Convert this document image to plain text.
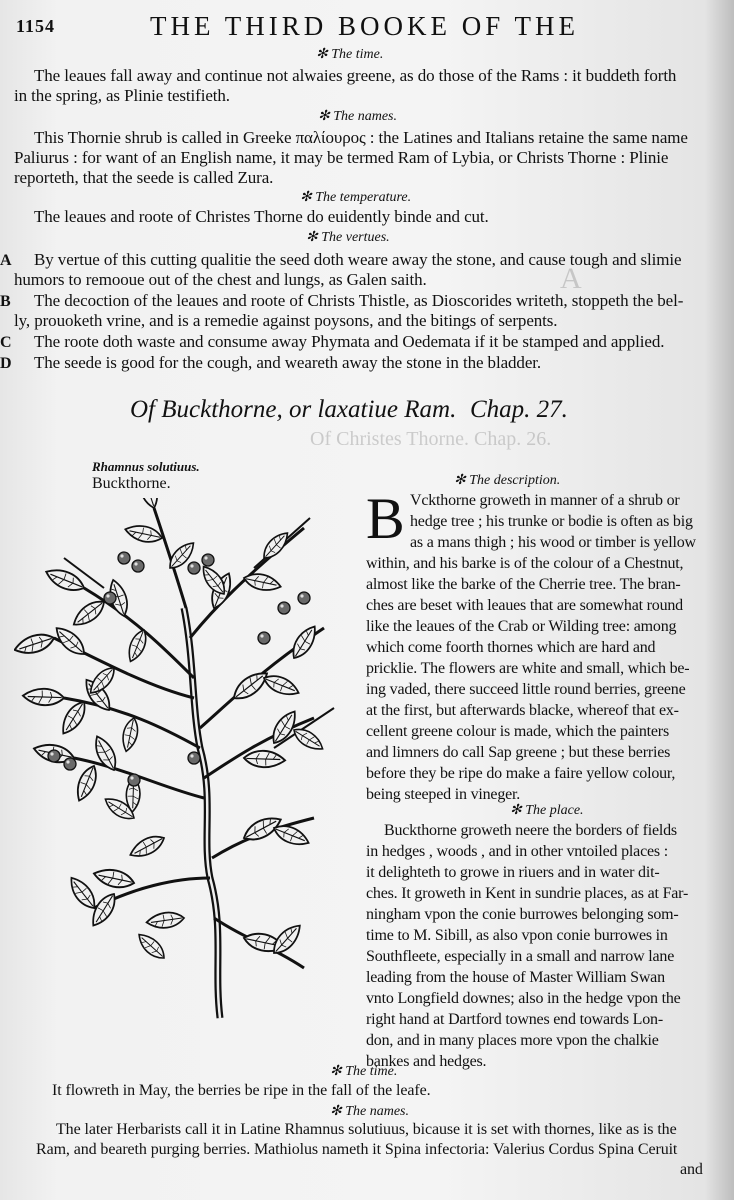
Of Christes Thorne. Chap. 26.
A
1154	THE THIRD BOOKE OF THE
✻ The time.
The leaues fall away and continue not alwaies greene, as do those of the Rams : it buddeth forth
in the spring, as Plinie testifieth.
✻ The names.
This Thornie shrub is called in Greeke παλίουρος : the Latines and Italians retaine the same name
Paliurus : for want of an English name, it may be termed Ram of Lybia, or Christs Thorne : Plinie
reporteth, that the seede is called Zura.
✻ The temperature.
The leaues and roote of Christes Thorne do euidently binde and cut.
✻ The vertues.
A By vertue of this cutting qualitie the seed doth weare away the stone, and cause tough and slimie
humors to remooue out of the chest and lungs, as Galen saith.
B The decoction of the leaues and roote of Christs Thistle, as Dioscorides writeth, stoppeth the bel-
ly, prouoketh vrine, and is a remedie against poysons, and the bitings of serpents.
C The roote doth waste and consume away Phymata and Oedemata if it be stamped and applied.
D The seede is good for the cough, and weareth away the stone in the bladder.
Of Buckthorne, or laxatiue Ram. Chap. 27.
Rhamnus solutiuus.
Buckthorne.	✻ The description.
B Vckthorne groweth in manner of a shrub or
hedge tree ; his trunke or bodie is often as big
as a mans thigh ; his wood or timber is yellow
within, and his barke is of the colour of a Chestnut,
almost like the barke of the Cherrie tree. The bran-
ches are beset with leaues that are somewhat round
like the leaues of the Crab or Wilding tree: among
which come foorth thornes which are hard and
pricklie. The flowers are white and small, which be-
ing vaded, there succeed little round berries, greene
at the first, but afterwards blacke, whereof that ex-
cellent greene colour is made, which the painters
and limners do call Sap greene ; but these berries
before they be ripe do make a faire yellow colour,
being steeped in vineger.
✻ The place.
Buckthorne groweth neere the borders of fields
in hedges , woods , and in other vntoiled places :
it delighteth to growe in riuers and in water dit-
ches. It groweth in Kent in sundrie places, as at Far-
ningham vpon the conie burrowes belonging som-
time to M. Sibill, as also vpon conie burrowes in
Southfleete, especially in a small and narrow lane
leading from the house of Master William Swan
vnto Longfield downes; also in the hedge vpon the
right hand at Dartford townes end towards Lon-
don, and in many places more vpon the chalkie
bankes and hedges.
✻ The time.
It flowreth in May, the berries be ripe in the fall of the leafe.
✻ The names.
The later Herbarists call it in Latine Rhamnus solutiuus, bicause it is set with thornes, like as is the
Ram, and beareth purging berries. Mathiolus nameth it Spina infectoria: Valerius Cordus Spina Ceruit
and
